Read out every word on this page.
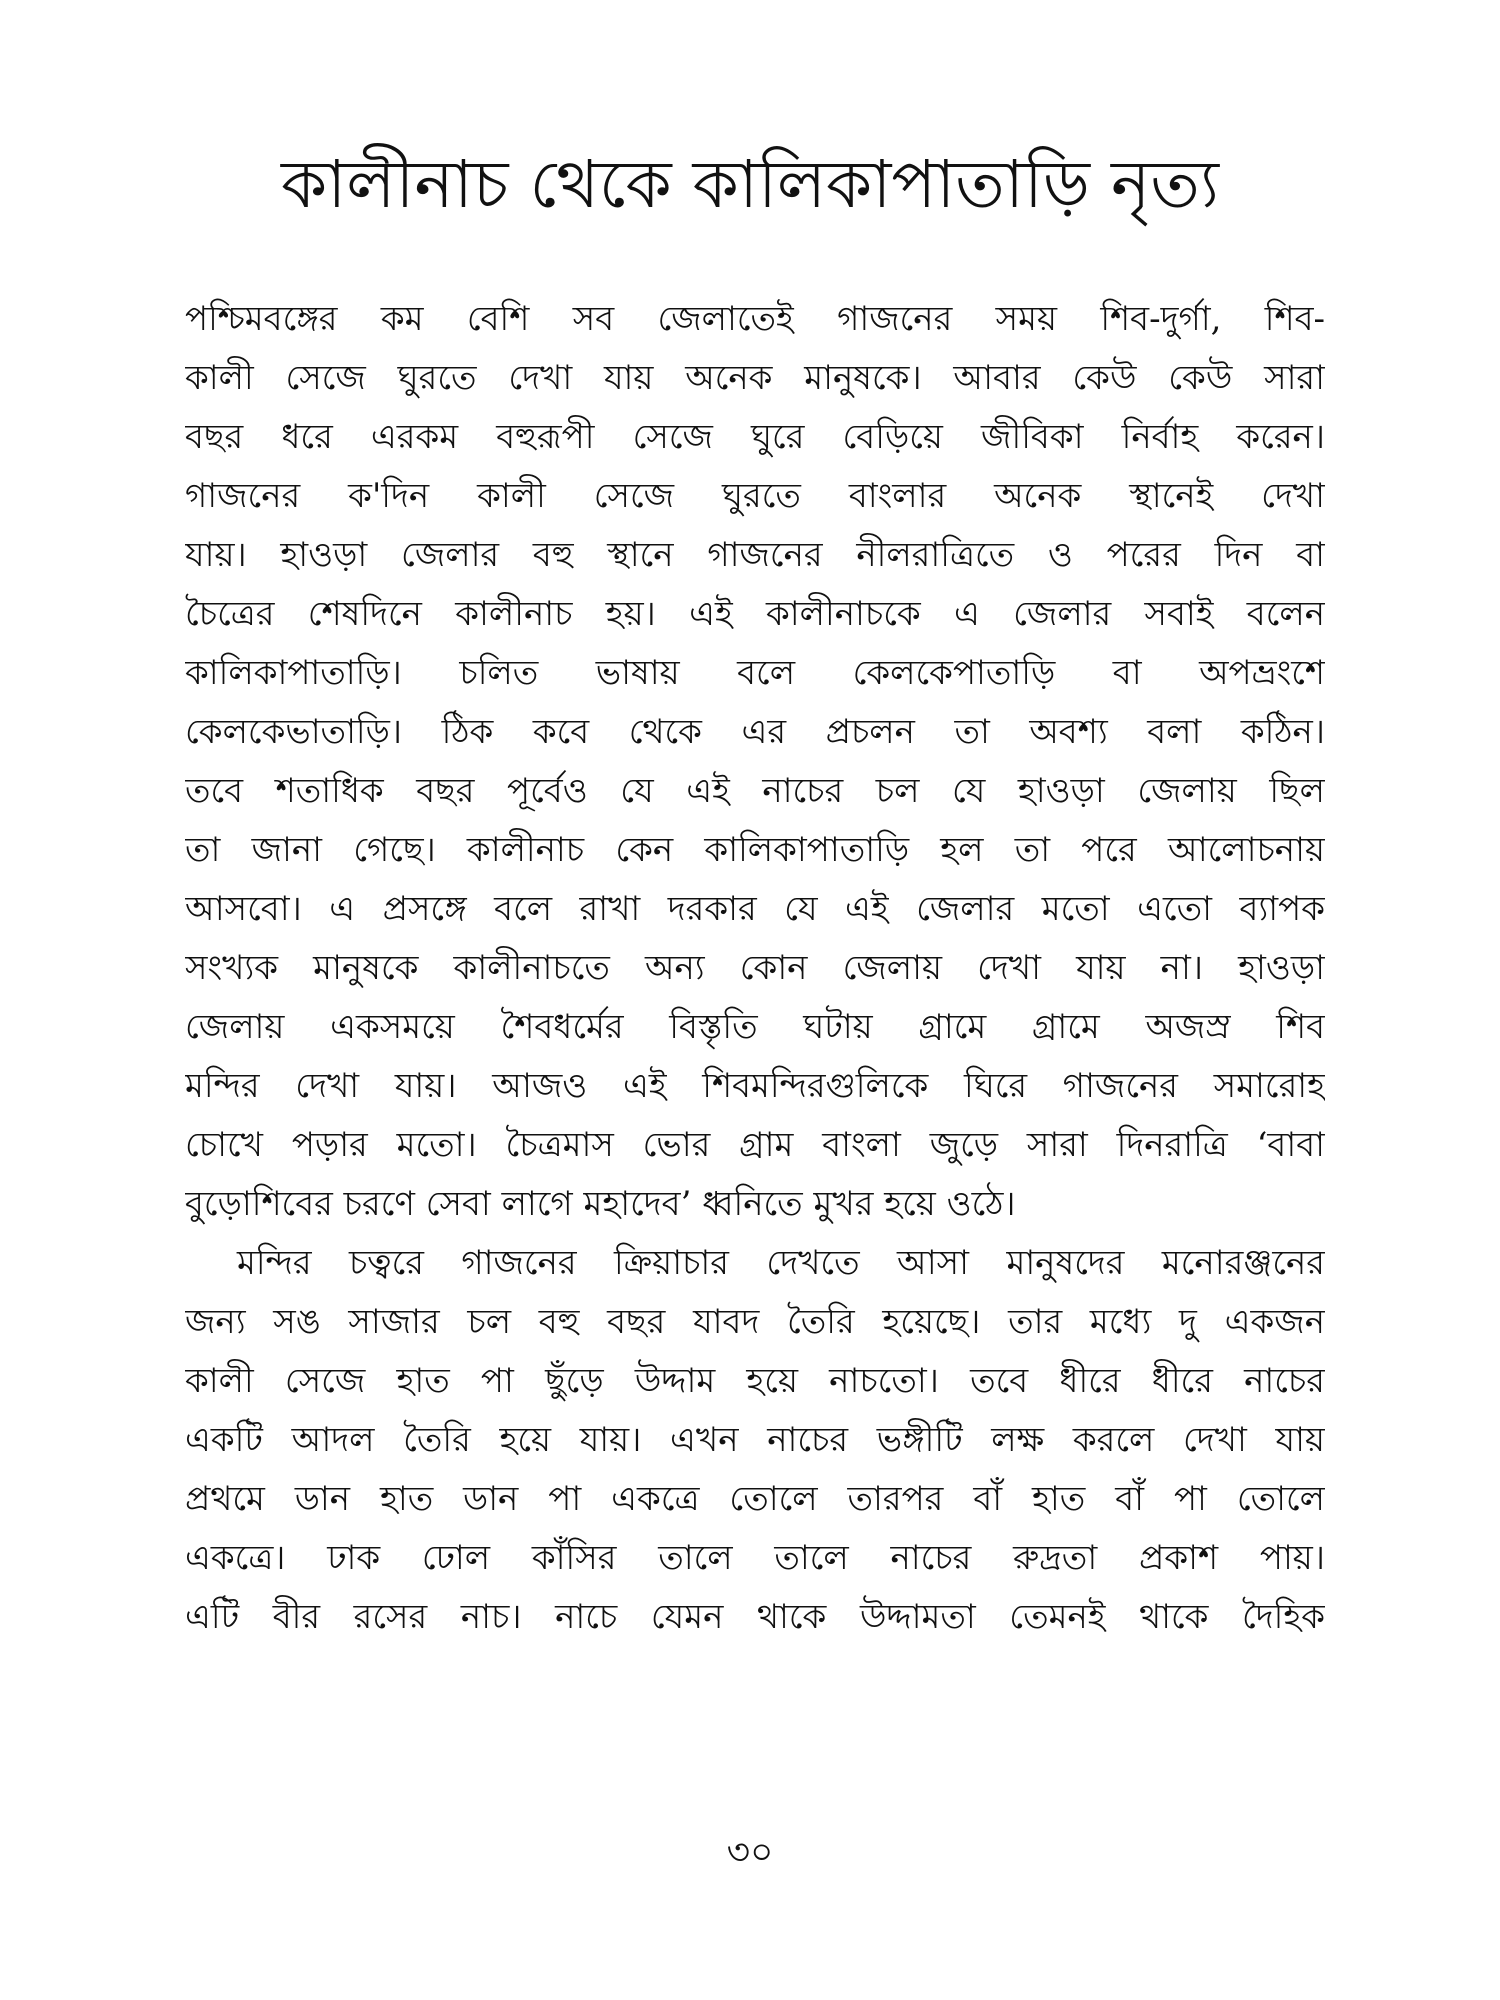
কালীনাচ থেকে কালিকাপাতাড়ি নৃত্য
পশ্চিমবঙ্গের কম বেশি সব জেলাতেই গাজনের সময় শিব-দুর্গা, শিব-
কালী সেজে ঘুরতে দেখা যায় অনেক মানুষকে। আবার কেউ কেউ সারা
বছর ধরে এরকম বহুরূপী সেজে ঘুরে বেড়িয়ে জীবিকা নির্বাহ করেন।
গাজনের ক'দিন কালী সেজে ঘুরতে বাংলার অনেক স্থানেই দেখা
যায়। হাওড়া জেলার বহু স্থানে গাজনের নীলরাত্রিতে ও পরের দিন বা
চৈত্রের শেষদিনে কালীনাচ হয়। এই কালীনাচকে এ জেলার সবাই বলেন
কালিকাপাতাড়ি। চলিত ভাষায় বলে কেলকেপাতাড়ি বা অপভ্রংশে
কেলকেভাতাড়ি। ঠিক কবে থেকে এর প্রচলন তা অবশ্য বলা কঠিন।
তবে শতাধিক বছর পূর্বেও যে এই নাচের চল যে হাওড়া জেলায় ছিল
তা জানা গেছে। কালীনাচ কেন কালিকাপাতাড়ি হল তা পরে আলোচনায়
আসবো। এ প্রসঙ্গে বলে রাখা দরকার যে এই জেলার মতো এতো ব্যাপক
সংখ্যক মানুষকে কালীনাচতে অন্য কোন জেলায় দেখা যায় না। হাওড়া
জেলায় একসময়ে শৈবধর্মের বিস্তৃতি ঘটায় গ্রামে গ্রামে অজস্র শিব
মন্দির দেখা যায়। আজও এই শিবমন্দিরগুলিকে ঘিরে গাজনের সমারোহ
চোখে পড়ার মতো। চৈত্রমাস ভোর গ্রাম বাংলা জুড়ে সারা দিনরাত্রি ‘বাবা
বুড়োশিবের চরণে সেবা লাগে মহাদেব’ ধ্বনিতে মুখর হয়ে ওঠে।
মন্দির চত্বরে গাজনের ক্রিয়াচার দেখতে আসা মানুষদের মনোরঞ্জনের
জন্য সঙ সাজার চল বহু বছর যাবদ তৈরি হয়েছে। তার মধ্যে দু একজন
কালী সেজে হাত পা ছুঁড়ে উদ্দাম হয়ে নাচতো। তবে ধীরে ধীরে নাচের
একটি আদল তৈরি হয়ে যায়। এখন নাচের ভঙ্গীটি লক্ষ করলে দেখা যায়
প্রথমে ডান হাত ডান পা একত্রে তোলে তারপর বাঁ হাত বাঁ পা তোলে
একত্রে। ঢাক ঢোল কাঁসির তালে তালে নাচের রুদ্রতা প্রকাশ পায়।
এটি বীর রসের নাচ। নাচে যেমন থাকে উদ্দামতা তেমনই থাকে দৈহিক
৩০
